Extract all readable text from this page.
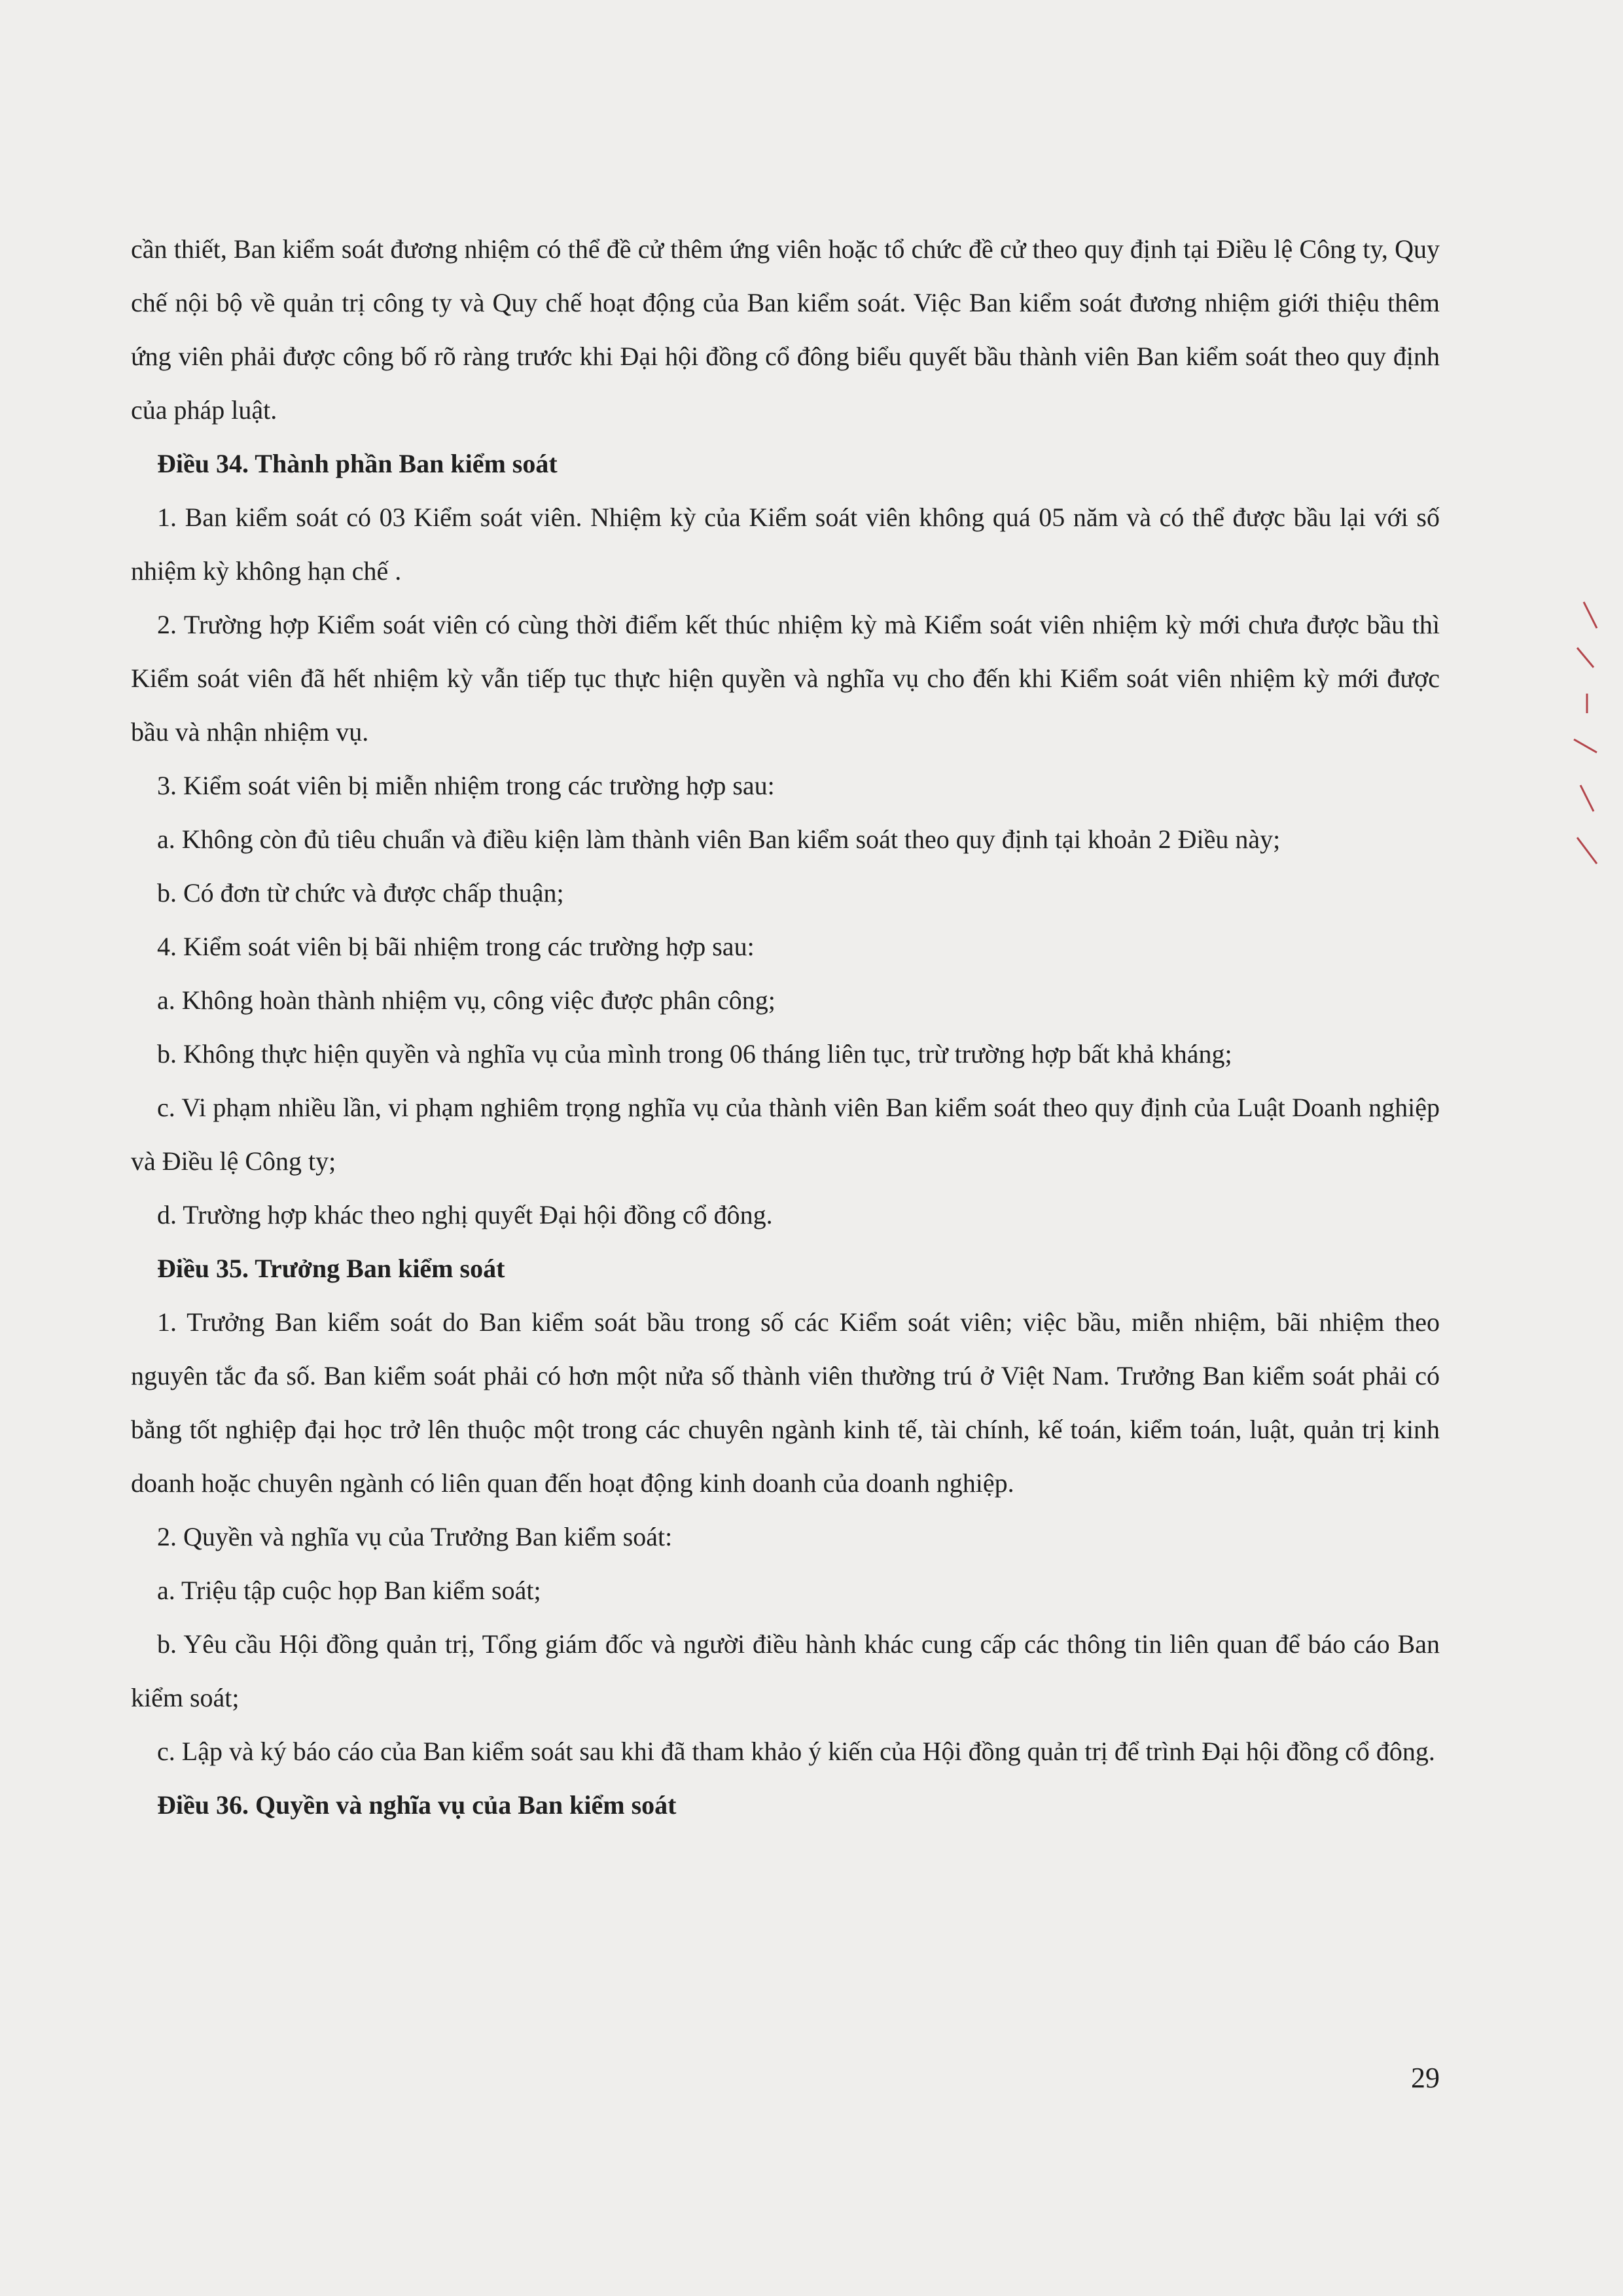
cần thiết, Ban kiểm soát đương nhiệm có thể đề cử thêm ứng viên hoặc tổ chức đề cử theo quy định tại Điều lệ Công ty, Quy chế nội bộ về quản trị công ty và Quy chế hoạt động của Ban kiểm soát. Việc Ban kiểm soát đương nhiệm giới thiệu thêm ứng viên phải được công bố rõ ràng trước khi Đại hội đồng cổ đông biểu quyết bầu thành viên Ban kiểm soát theo quy định của pháp luật.

Điều 34. Thành phần Ban kiểm soát

1. Ban kiểm soát có 03 Kiểm soát viên. Nhiệm kỳ của Kiểm soát viên không quá 05 năm và có thể được bầu lại với số nhiệm kỳ không hạn chế .

2. Trường hợp Kiểm soát viên có cùng thời điểm kết thúc nhiệm kỳ mà Kiểm soát viên nhiệm kỳ mới chưa được bầu thì Kiểm soát viên đã hết nhiệm kỳ vẫn tiếp tục thực hiện quyền và nghĩa vụ cho đến khi Kiểm soát viên nhiệm kỳ mới được bầu và nhận nhiệm vụ.

3. Kiểm soát viên bị miễn nhiệm trong các trường hợp sau:

a. Không còn đủ tiêu chuẩn và điều kiện làm thành viên Ban kiểm soát theo quy định tại khoản 2 Điều này;

b. Có đơn từ chức và được chấp thuận;

4. Kiểm soát viên bị bãi nhiệm trong các trường hợp sau:

a. Không hoàn thành nhiệm vụ, công việc được phân công;

b. Không thực hiện quyền và nghĩa vụ của mình trong 06 tháng liên tục, trừ trường hợp bất khả kháng;

c. Vi phạm nhiều lần, vi phạm nghiêm trọng nghĩa vụ của thành viên Ban kiểm soát theo quy định của Luật Doanh nghiệp và Điều lệ Công ty;

d. Trường hợp khác theo nghị quyết Đại hội đồng cổ đông.

Điều 35. Trưởng Ban kiểm soát

1. Trưởng Ban kiểm soát do Ban kiểm soát bầu trong số các Kiểm soát viên; việc bầu, miễn nhiệm, bãi nhiệm theo nguyên tắc đa số. Ban kiểm soát phải có hơn một nửa số thành viên thường trú ở Việt Nam. Trưởng Ban kiểm soát phải có bằng tốt nghiệp đại học trở lên thuộc một trong các chuyên ngành kinh tế, tài chính, kế toán, kiểm toán, luật, quản trị kinh doanh hoặc chuyên ngành có liên quan đến hoạt động kinh doanh của doanh nghiệp.

2. Quyền và nghĩa vụ của Trưởng Ban kiểm soát:

a. Triệu tập cuộc họp Ban kiểm soát;

b. Yêu cầu Hội đồng quản trị, Tổng giám đốc và người điều hành khác cung cấp các thông tin liên quan để báo cáo Ban kiểm soát;

c. Lập và ký báo cáo của Ban kiểm soát sau khi đã tham khảo ý kiến của Hội đồng quản trị để trình Đại hội đồng cổ đông.

Điều 36. Quyền và nghĩa vụ của Ban kiểm soát

29
